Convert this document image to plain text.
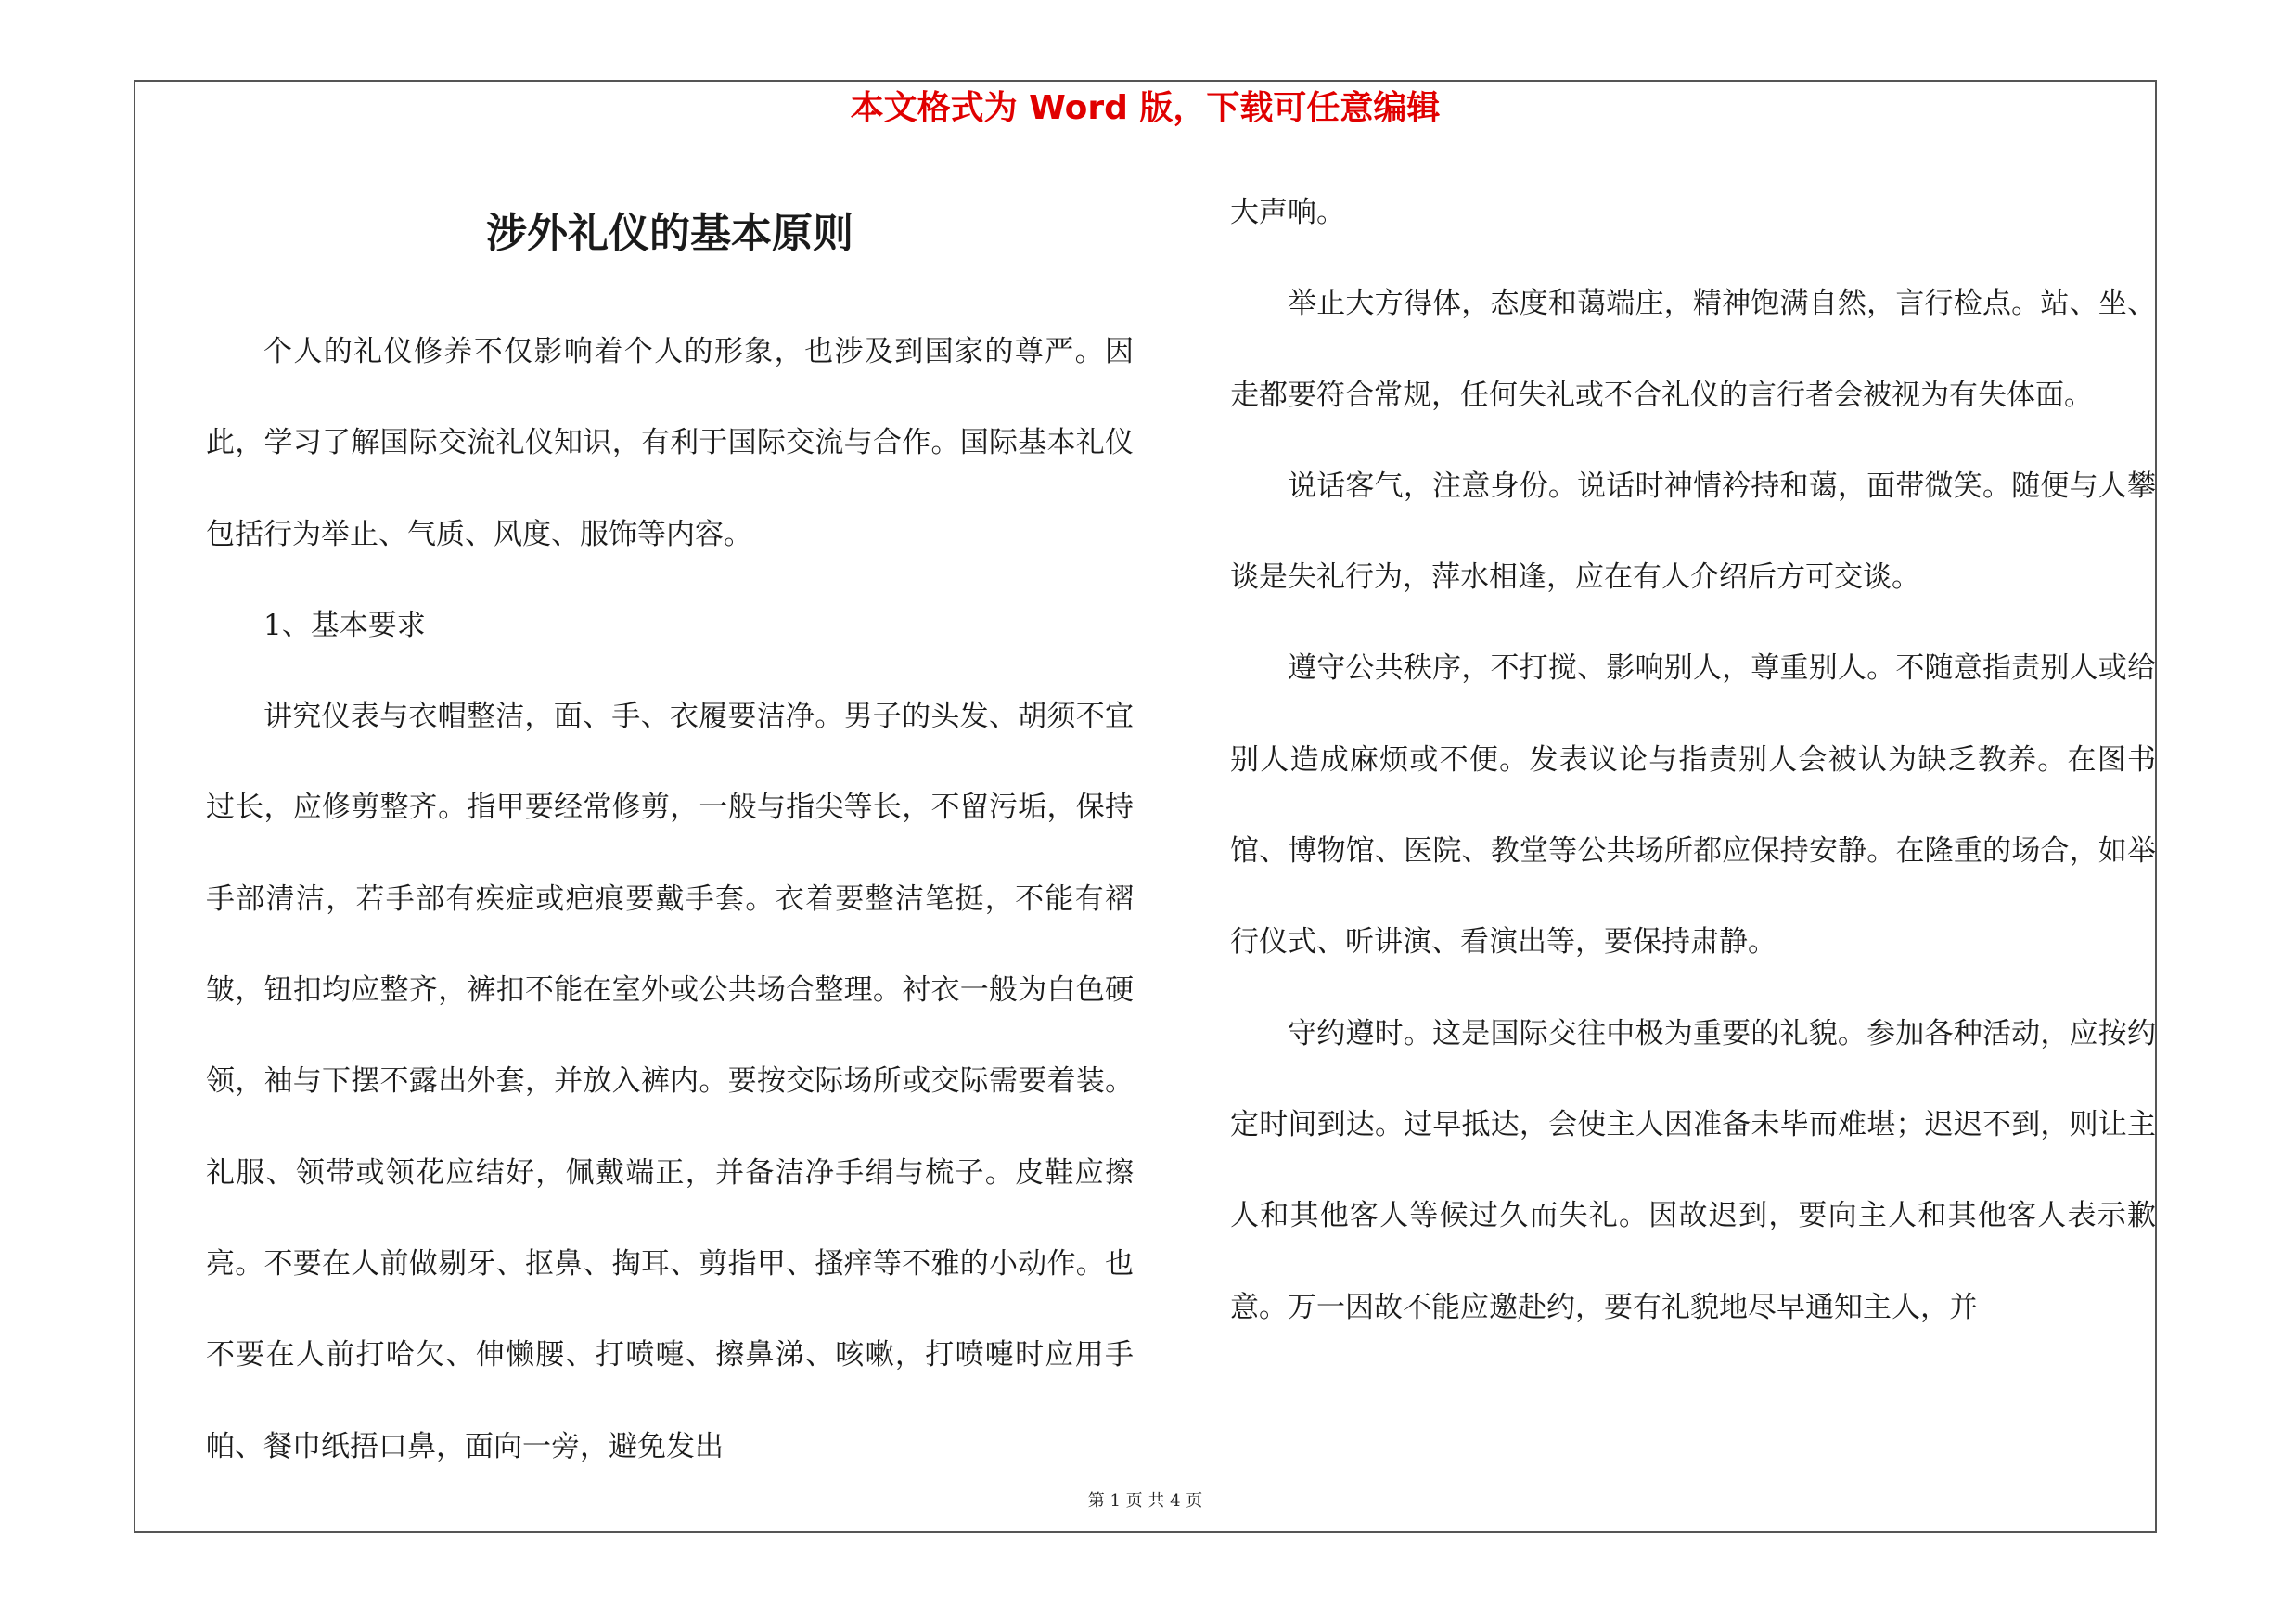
本文格式为 Word 版，下载可任意编辑
涉外礼仪的基本原则

个人的礼仪修养不仅影响着个人的形象，也涉及到国家的尊严。因此，学习了解国际交流礼仪知识，有利于国际交流与合作。国际基本礼仪包括行为举止、气质、风度、服饰等内容。

1、基本要求

讲究仪表与衣帽整洁，面、手、衣履要洁净。男子的头发、胡须不宜过长，应修剪整齐。指甲要经常修剪，一般与指尖等长，不留污垢，保持手部清洁，若手部有疾症或疤痕要戴手套。衣着要整洁笔挺，不能有褶皱，钮扣均应整齐，裤扣不能在室外或公共场合整理。衬衣一般为白色硬领，袖与下摆不露出外套，并放入裤内。要按交际场所或交际需要着装。礼服、领带或领花应结好，佩戴端正，并备洁净手绢与梳子。皮鞋应擦亮。不要在人前做剔牙、抠鼻、掏耳、剪指甲、搔痒等不雅的小动作。也不要在人前打哈欠、伸懒腰、打喷嚏、擦鼻涕、咳嗽，打喷嚏时应用手帕、餐巾纸捂口鼻，面向一旁，避免发出

大声响。

举止大方得体，态度和蔼端庄，精神饱满自然，言行检点。站、坐、走都要符合常规，任何失礼或不合礼仪的言行者会被视为有失体面。

说话客气，注意身份。说话时神情衿持和蔼，面带微笑。随便与人攀谈是失礼行为，萍水相逢，应在有人介绍后方可交谈。

遵守公共秩序，不打搅、影响别人，尊重别人。不随意指责别人或给别人造成麻烦或不便。发表议论与指责别人会被认为缺乏教养。在图书馆、博物馆、医院、教堂等公共场所都应保持安静。在隆重的场合，如举行仪式、听讲演、看演出等，要保持肃静。

守约遵时。这是国际交往中极为重要的礼貌。参加各种活动，应按约定时间到达。过早抵达，会使主人因准备未毕而难堪；迟迟不到，则让主人和其他客人等候过久而失礼。因故迟到，要向主人和其他客人表示歉意。万一因故不能应邀赴约，要有礼貌地尽早通知主人，并

第 1 页 共 4 页
